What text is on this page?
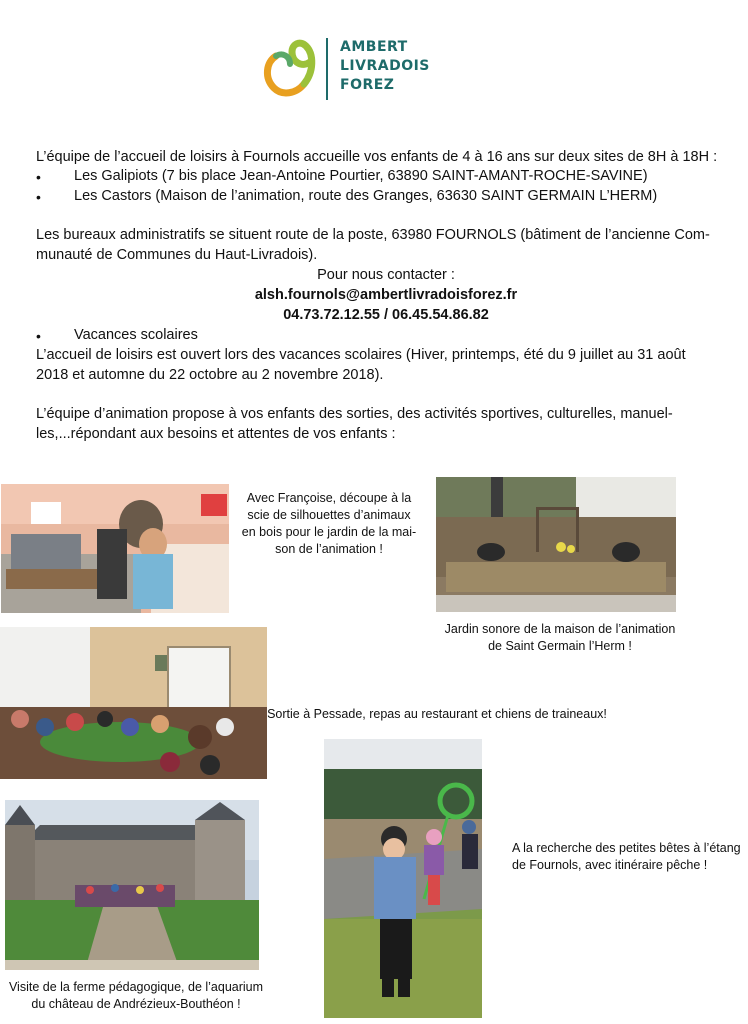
AMBERT
LIVRADOIS
FOREZ
L’équipe de l’accueil de loisirs à Fournols accueille vos enfants de 4 à 16 ans sur deux sites de 8H à 18H :
• Les Galipiots (7 bis place Jean-Antoine Pourtier, 63890 SAINT-AMANT-ROCHE-SAVINE)
• Les Castors (Maison de l’animation, route des Granges, 63630 SAINT GERMAIN L’HERM)
Les bureaux administratifs se situent route de la poste, 63980 FOURNOLS (bâtiment de l’ancienne Com-
munauté de Communes du Haut-Livradois).
Pour nous contacter :
alsh.fournols@ambertlivradoisforez.fr
04.73.72.12.55 / 06.45.54.86.82
• Vacances scolaires
L’accueil de loisirs est ouvert lors des vacances scolaires (Hiver, printemps, été du 9 juillet au 31 août
2018 et automne du 22 octobre au 2 novembre 2018).
L’équipe d’animation propose à vos enfants des sorties, des activités sportives, culturelles, manuel-
les,...répondant aux besoins et attentes de vos enfants :
Avec Françoise, découpe à la
scie de silhouettes d’animaux
en bois pour le jardin de la mai-
son de l’animation !
Jardin sonore de la maison de l’animation
de Saint Germain l’Herm !
Sortie à Pessade, repas au restaurant et chiens de traineaux!
Visite de la ferme pédagogique, de l’aquarium
du château de Andrézieux-Bouthéon !
A la recherche des petites bêtes à l’étang
de Fournols, avec itinéraire pêche !
